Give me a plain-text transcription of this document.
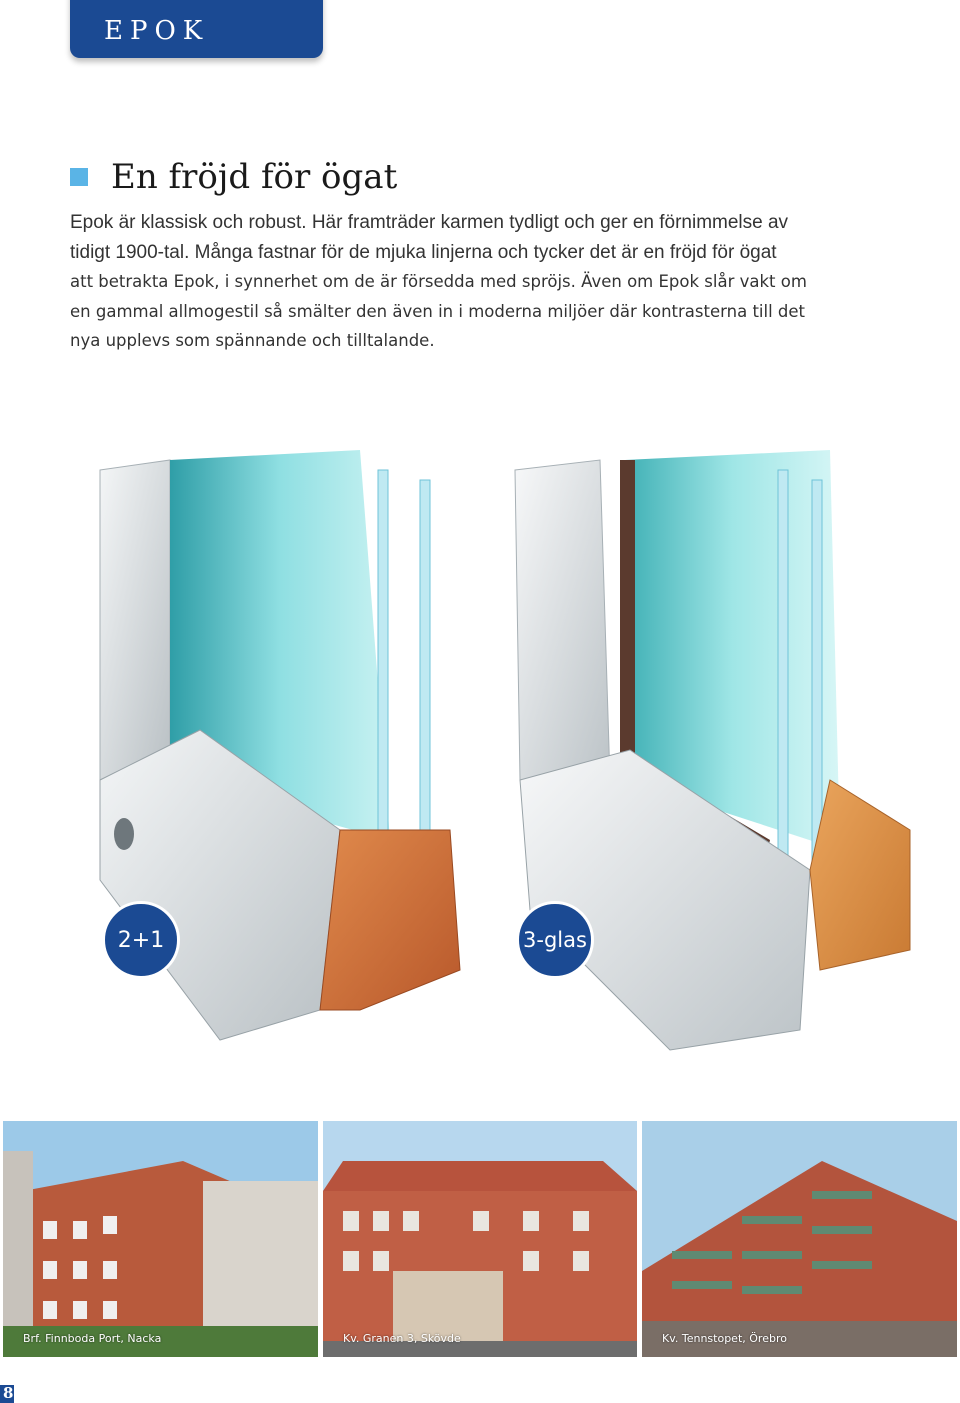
EPOK
En fröjd för ögat
Epok är klassisk och robust. Här framträder karmen tydligt och ger en förnimmelse av
tidigt 1900-tal. Många fastnar för de mjuka linjerna och tycker det är en fröjd för ögat
att betrakta Epok, i synnerhet om de är försedda med spröjs. Även om Epok slår vakt om
en gammal allmogestil så smälter den även in i moderna miljöer där kontrasterna till det
nya upplevs som spännande och tilltalande.
2+1	3-glas
Brf. Finnboda Port, Nacka	Kv. Granen 3, Skövde	Kv. Tennstopet, Örebro
8
